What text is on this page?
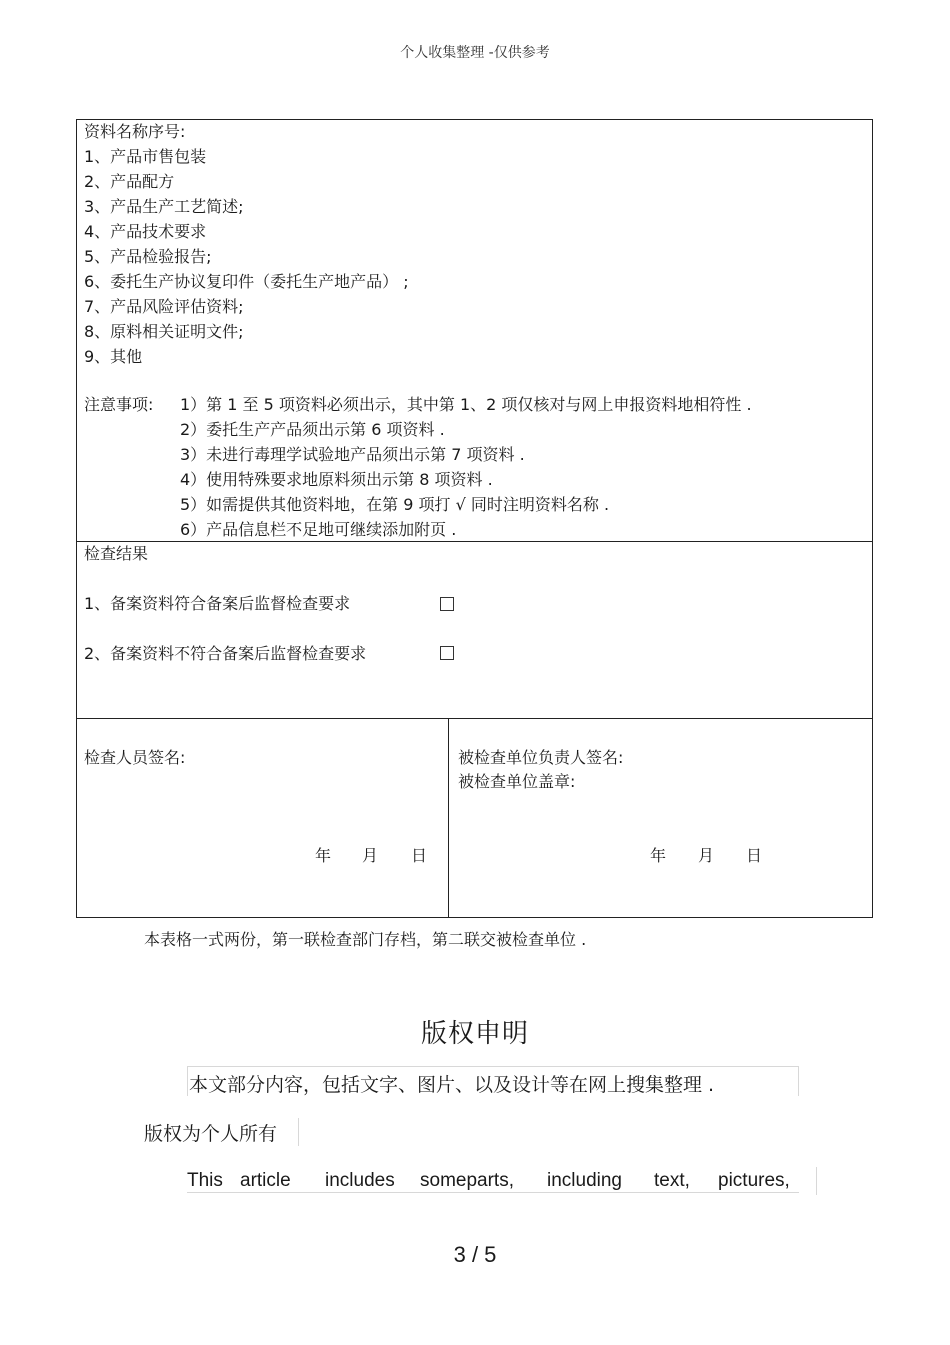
个人收集整理 -仅供参考
资料名称序号:
1、产品市售包装
2、产品配方
3、产品生产工艺简述;
4、产品技术要求
5、产品检验报告;
6、委托生产协议复印件（委托生产地产品） ;
7、产品风险评估资料;
8、原料相关证明文件;
9、其他
注意事项: 1）第 1 至 5 项资料必须出示，其中第 1、2 项仅核对与网上申报资料地相符性 .
2）委托生产产品须出示第 6 项资料 .
3）未进行毒理学试验地产品须出示第 7 项资料 .
4）使用特殊要求地原料须出示第 8 项资料 .
5）如需提供其他资料地，在第 9 项打 √ 同时注明资料名称 .
6）产品信息栏不足地可继续添加附页 .
检查结果
1、备案资料符合备案后监督检查要求
2、备案资料不符合备案后监督检查要求
检查人员签名:
年 月 日
被检查单位负责人签名:
被检查单位盖章:
年 月 日
本表格一式两份，第一联检查部门存档，第二联交被检查单位 .
版权申明
本文部分内容，包括文字、图片、以及设计等在网上搜集整理 .
版权为个人所有
This article includes someparts, including text, pictures,
3 / 5
